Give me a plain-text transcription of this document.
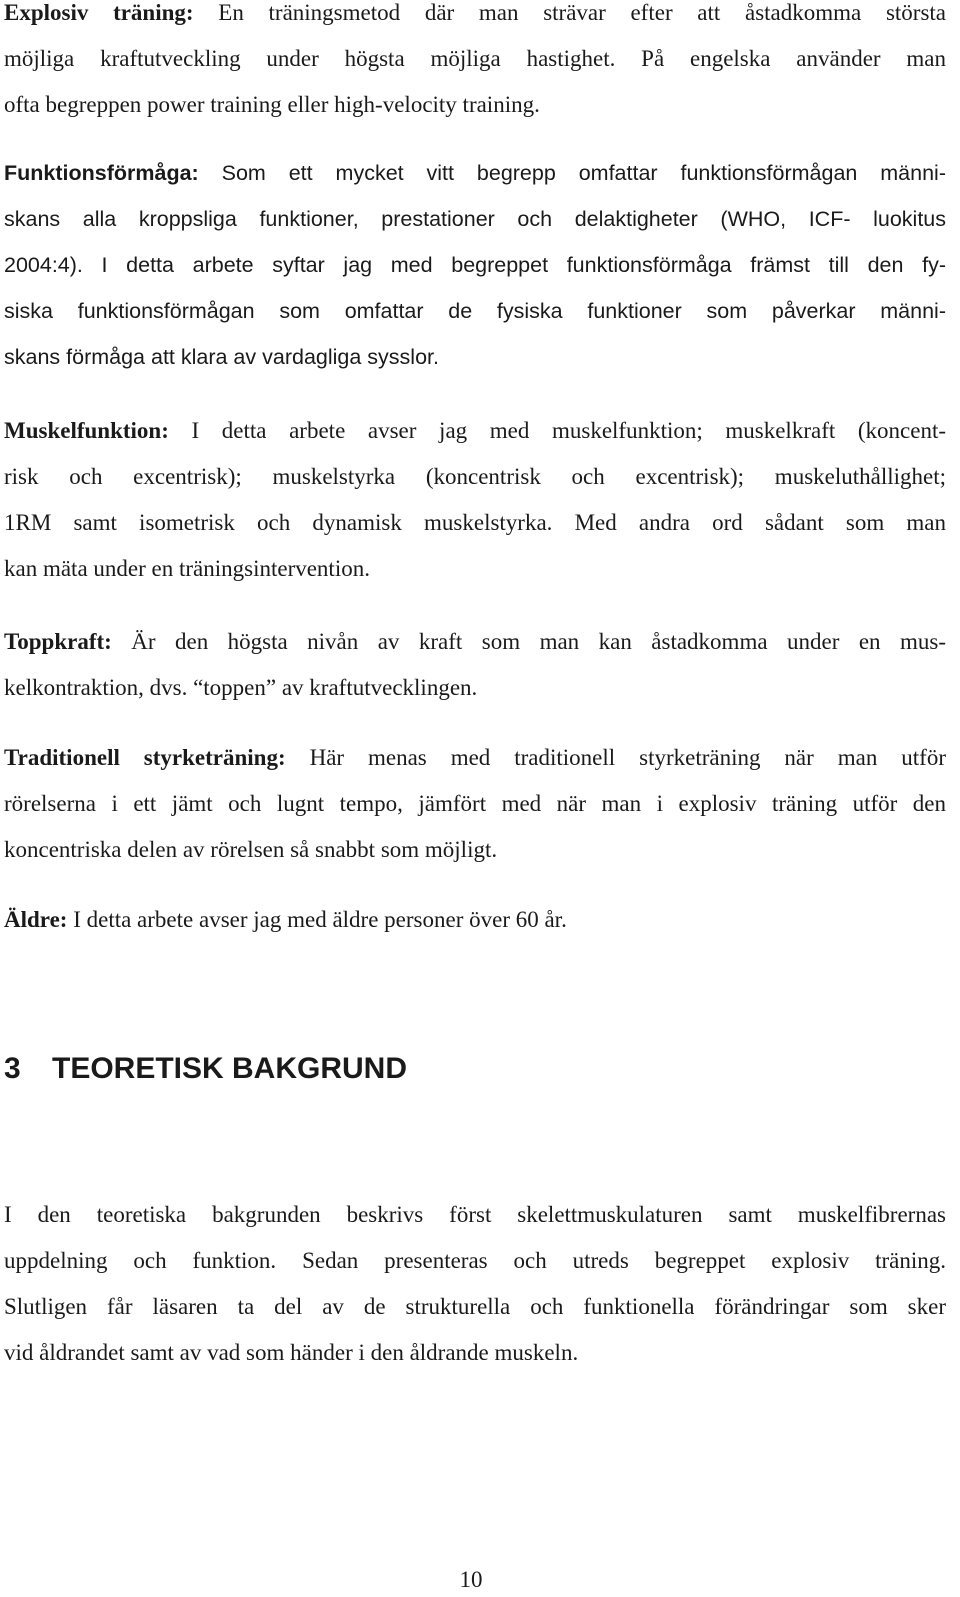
Explosiv träning: En träningsmetod där man strävar efter att åstadkomma största
möjliga kraftutveckling under högsta möjliga hastighet. På engelska använder man
ofta begreppen power training eller high-velocity training.
Funktionsförmåga: Som ett mycket vitt begrepp omfattar funktionsförmågan männi-
skans alla kroppsliga funktioner, prestationer och delaktigheter (WHO, ICF- luokitus
2004:4). I detta arbete syftar jag med begreppet funktionsförmåga främst till den fy-
siska funktionsförmågan som omfattar de fysiska funktioner som påverkar männi-
skans förmåga att klara av vardagliga sysslor.
Muskelfunktion: I detta arbete avser jag med muskelfunktion; muskelkraft (koncent-
risk och excentrisk); muskelstyrka (koncentrisk och excentrisk); muskeluthållighet;
1RM samt isometrisk och dynamisk muskelstyrka. Med andra ord sådant som man
kan mäta under en träningsintervention.
Toppkraft: Är den högsta nivån av kraft som man kan åstadkomma under en mus-
kelkontraktion, dvs. “toppen” av kraftutvecklingen.
Traditionell styrketräning: Här menas med traditionell styrketräning när man utför
rörelserna i ett jämt och lugnt tempo, jämfört med när man i explosiv träning utför den
koncentriska delen av rörelsen så snabbt som möjligt.
Äldre: I detta arbete avser jag med äldre personer över 60 år.
3 TEORETISK BAKGRUND
I den teoretiska bakgrunden beskrivs först skelettmuskulaturen samt muskelfibrernas
uppdelning och funktion. Sedan presenteras och utreds begreppet explosiv träning.
Slutligen får läsaren ta del av de strukturella och funktionella förändringar som sker
vid åldrandet samt av vad som händer i den åldrande muskeln.
10
